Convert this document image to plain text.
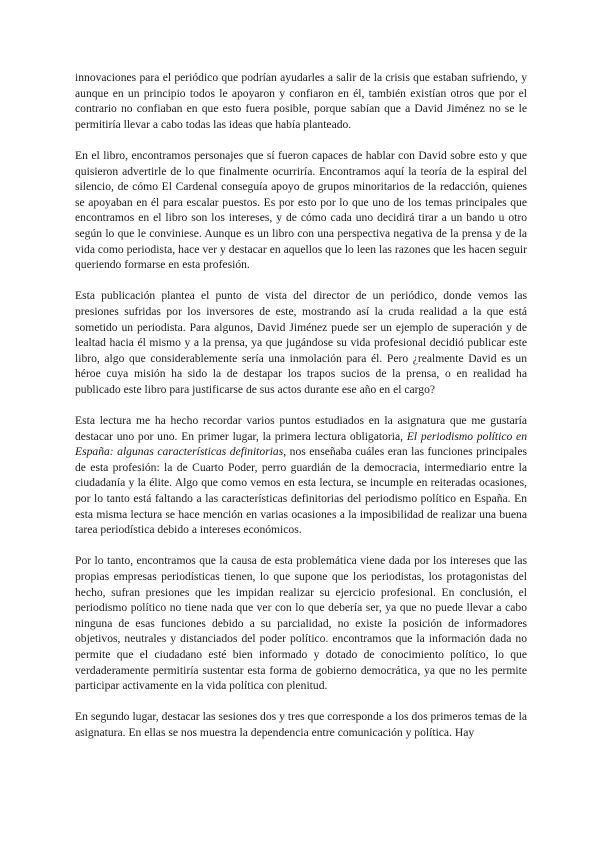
innovaciones para el periódico que podrían ayudarles a salir de la crisis que estaban sufriendo, y aunque en un principio todos le apoyaron y confiaron en él, también existían otros que por el contrario no confiaban en que esto fuera posible, porque sabían que a David Jiménez no se le permitiría llevar a cabo todas las ideas que había planteado.

En el libro, encontramos personajes que sí fueron capaces de hablar con David sobre esto y que quisieron advertirle de lo que finalmente ocurriría. Encontramos aquí la teoría de la espiral del silencio, de cómo El Cardenal conseguía apoyo de grupos minoritarios de la redacción, quienes se apoyaban en él para escalar puestos. Es por esto por lo que uno de los temas principales que encontramos en el libro son los intereses, y de cómo cada uno decidirá tirar a un bando u otro según lo que le conviniese. Aunque es un libro con una perspectiva negativa de la prensa y de la vida como periodista, hace ver y destacar en aquellos que lo leen las razones que les hacen seguir queriendo formarse en esta profesión.

Esta publicación plantea el punto de vista del director de un periódico, donde vemos las presiones sufridas por los inversores de este, mostrando así la cruda realidad a la que está sometido un periodista. Para algunos, David Jiménez puede ser un ejemplo de superación y de lealtad hacia él mismo y a la prensa, ya que jugándose su vida profesional decidió publicar este libro, algo que considerablemente sería una inmolación para él. Pero ¿realmente David es un héroe cuya misión ha sido la de destapar los trapos sucios de la prensa, o en realidad ha publicado este libro para justificarse de sus actos durante ese año en el cargo?

Esta lectura me ha hecho recordar varios puntos estudiados en la asignatura que me gustaría destacar uno por uno. En primer lugar, la primera lectura obligatoria, El periodismo político en España: algunas características definitorias, nos enseñaba cuáles eran las funciones principales de esta profesión: la de Cuarto Poder, perro guardián de la democracia, intermediario entre la ciudadanía y la élite. Algo que como vemos en esta lectura, se incumple en reiteradas ocasiones, por lo tanto está faltando a las características definitorias del periodismo político en España. En esta misma lectura se hace mención en varias ocasiones a la imposibilidad de realizar una buena tarea periodística debido a intereses económicos.

Por lo tanto, encontramos que la causa de esta problemática viene dada por los intereses que las propias empresas periodísticas tienen, lo que supone que los periodistas, los protagonistas del hecho, sufran presiones que les impidan realizar su ejercicio profesional. En conclusión, el periodismo político no tiene nada que ver con lo que debería ser, ya que no puede llevar a cabo ninguna de esas funciones debido a su parcialidad, no existe la posición de informadores objetivos, neutrales y distanciados del poder político. encontramos que la información dada no permite que el ciudadano esté bien informado y dotado de conocimiento político, lo que verdaderamente permitiría sustentar esta forma de gobierno democrática, ya que no les permite participar activamente en la vida política con plenitud.

En segundo lugar, destacar las sesiones dos y tres que corresponde a los dos primeros temas de la asignatura. En ellas se nos muestra la dependencia entre comunicación y política. Hay
